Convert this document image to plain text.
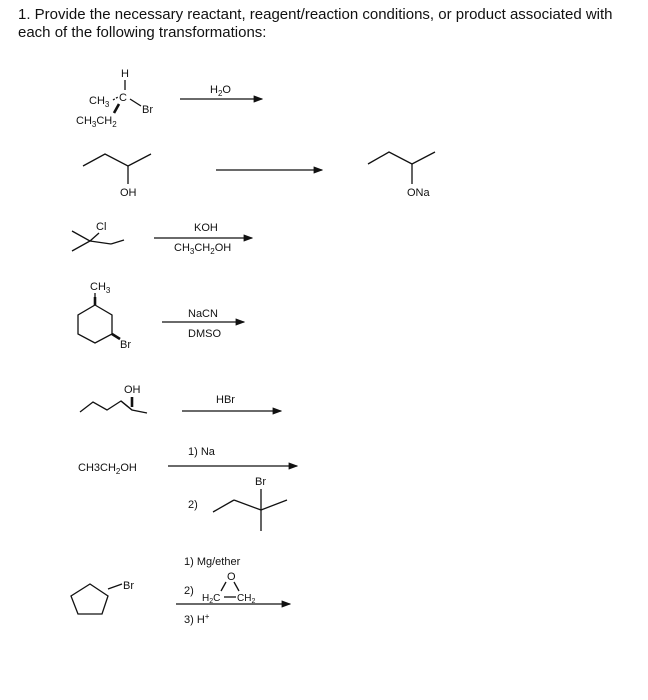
1. Provide the necessary reactant, reagent/reaction conditions, or product associated with each of the following transformations:
H
$CH_3$
C
Br
$CH_3CH_2$
$H_2O$
OH	ONa
Cl	KOH
$CH_3CH_2OH$
$CH_3$
Br
NaCN
DMSO
OH
HBr
$CH3CH_2OH$
1) Na
2)
Br
Br
1) Mg/ether
2)
O
$H_2C$ $CH_2$
3) H+
